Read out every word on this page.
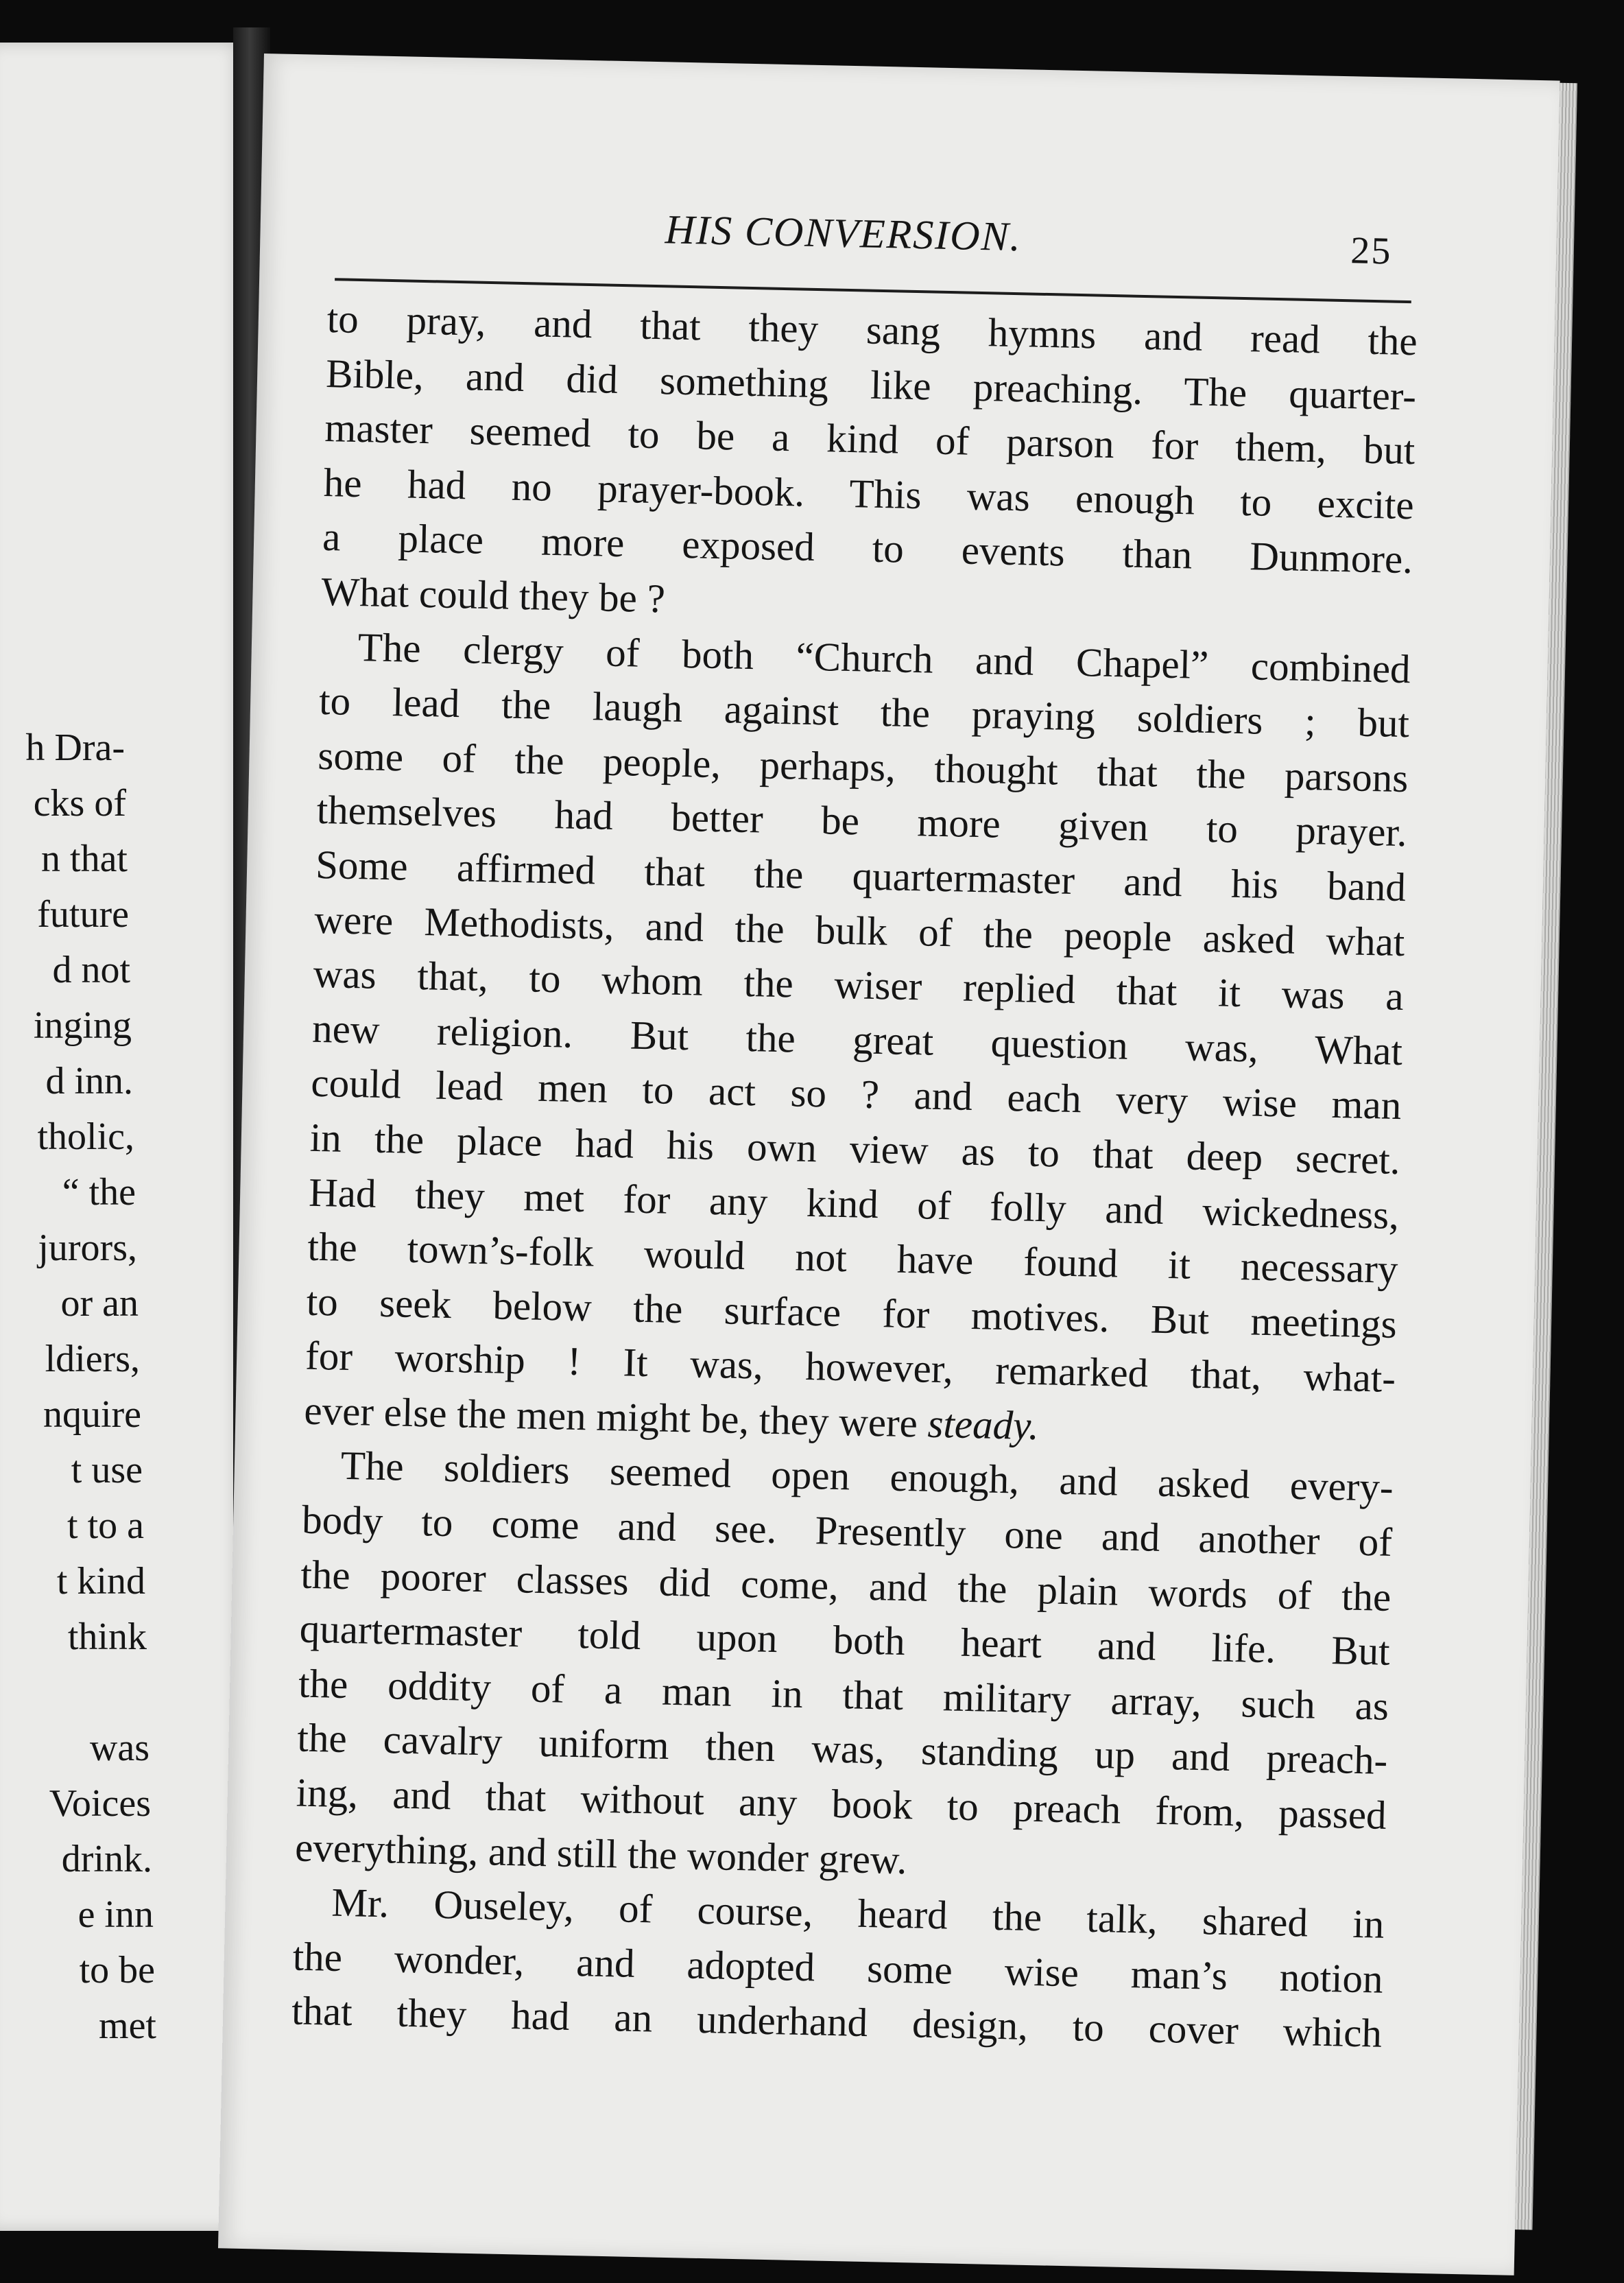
h Dra-
cks of
n that
future
d not
inging
d inn.
tholic,
“ the
jurors,
or an
ldiers,
nquire
t use
t to a
t kind
think
was
Voices
drink.
e inn
to be
met
HIS CONVERSION.	25
to pray, and that they sang hymns and read the
Bible, and did something like preaching. The quarter-
master seemed to be a kind of parson for them, but
he had no prayer-book. This was enough to excite
a place more exposed to events than Dunmore.
What could they be ?
The clergy of both “Church and Chapel” combined
to lead the laugh against the praying soldiers ; but
some of the people, perhaps, thought that the parsons
themselves had better be more given to prayer.
Some affirmed that the quartermaster and his band
were Methodists, and the bulk of the people asked what
was that, to whom the wiser replied that it was a
new religion. But the great question was, What
could lead men to act so ? and each very wise man
in the place had his own view as to that deep secret.
Had they met for any kind of folly and wickedness,
the town’s-folk would not have found it necessary
to seek below the surface for motives. But meetings
for worship ! It was, however, remarked that, what-
ever else the men might be, they were steady.
The soldiers seemed open enough, and asked every-
body to come and see. Presently one and another of
the poorer classes did come, and the plain words of the
quartermaster told upon both heart and life. But
the oddity of a man in that military array, such as
the cavalry uniform then was, standing up and preach-
ing, and that without any book to preach from, passed
everything, and still the wonder grew.
Mr. Ouseley, of course, heard the talk, shared in
the wonder, and adopted some wise man’s notion
that they had an underhand design, to cover which
